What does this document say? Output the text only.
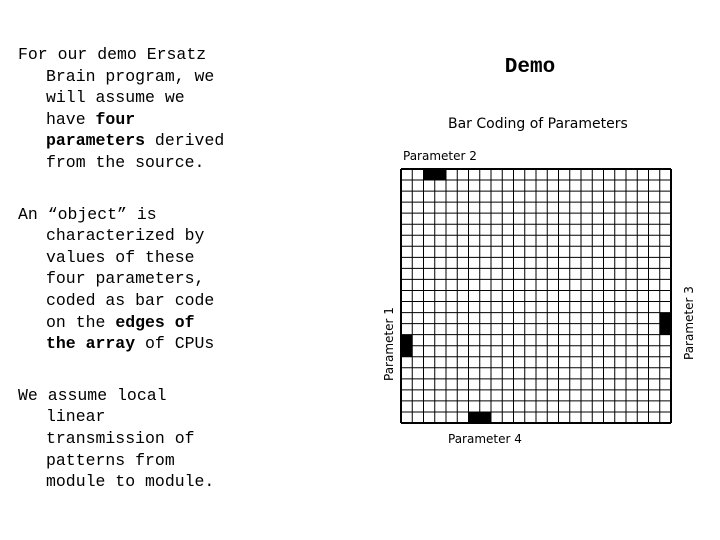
For our demo Ersatz
Brain program, we
will assume we
have four
parameters derived
from the source.
An “object” is
characterized by
values of these
four parameters,
coded as bar code
on the edges of
the array of CPUs
We assume local
linear
transmission of
patterns from
module to module.
Demo
Bar Coding of Parameters
Parameter 2
Parameter 4
Parameter 1	Parameter 3
